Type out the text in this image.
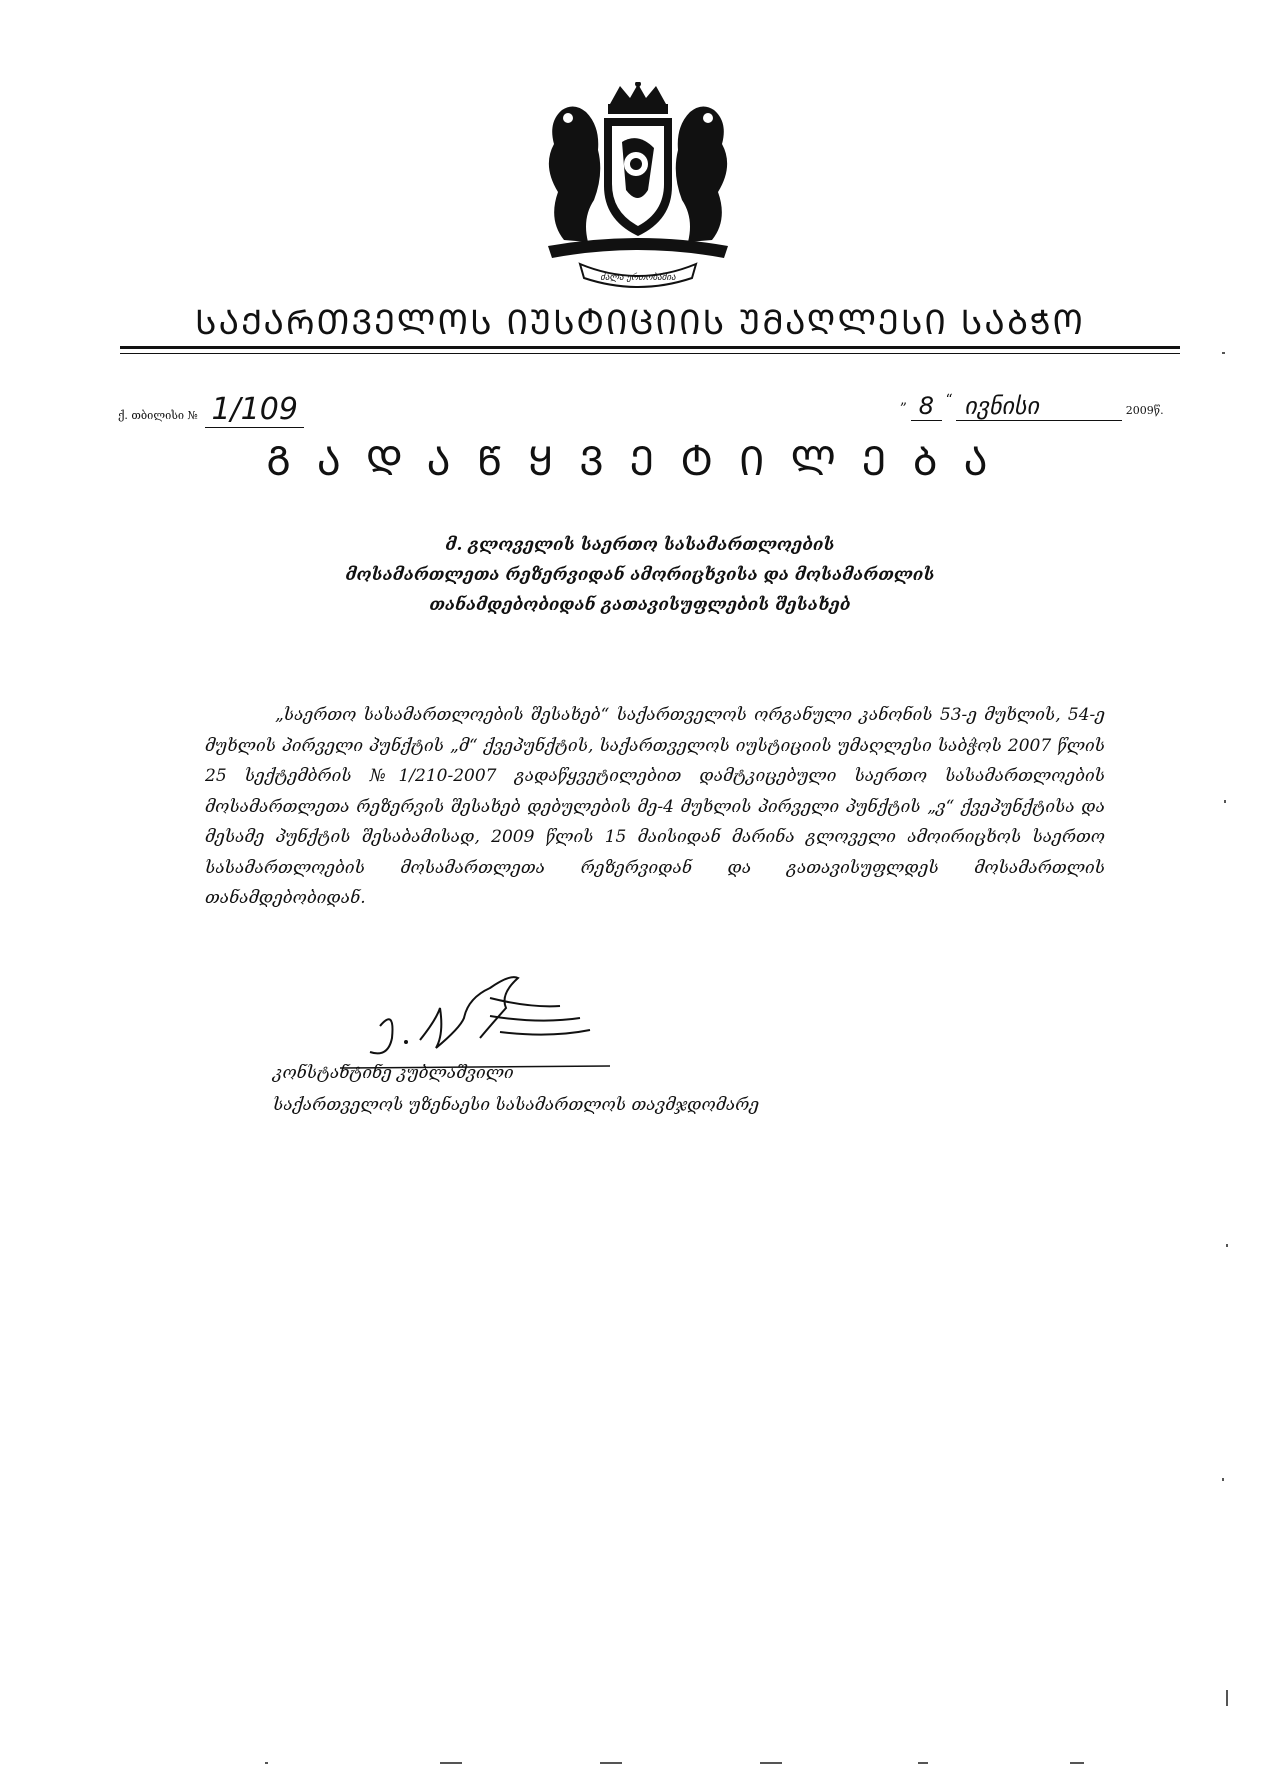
ძალა ერთობაშია
ᲡᲐᲥᲐᲠᲗᲕᲔᲚᲝᲡ ᲘᲣᲡᲢᲘᲪᲘᲘᲡ ᲣᲛᲐᲦᲚᲔᲡᲘ ᲡᲐᲑᲭᲝ
ქ. თბილისი № 1/109	„ 8 “ ივნისი	2009წ.
ᲒᲐᲓᲐᲬᲧᲕᲔᲢᲘᲚᲔᲑᲐ
მ. გლოველის საერთო სასამართლოების
მოსამართლეთა რეზერვიდან ამორიცხვისა და მოსამართლის
თანამდებობიდან გათავისუფლების შესახებ
„საერთო სასამართლოების შესახებ“ საქართველოს ორგანული კანონის 53-ე მუხლის, 54-ე მუხლის პირველი პუნქტის „მ“ ქვეპუნქტის, საქართველოს იუსტიციის უმაღლესი საბჭოს 2007 წლის 25 სექტემბრის №1/210-2007 გადაწყვეტილებით დამტკიცებული საერთო სასამართლოების მოსამართლეთა რეზერვის შესახებ დებულების მე-4 მუხლის პირველი პუნქტის „ვ“ ქვეპუნქტისა და მესამე პუნქტის შესაბამისად, 2009 წლის 15 მაისიდან მარინა გლოველი ამოირიცხოს საერთო სასამართლოების მოსამართლეთა რეზერვიდან და გათავისუფლდეს მოსამართლის თანამდებობიდან.
კონსტანტინე კუბლაშვილი
საქართველოს უზენაესი სასამართლოს თავმჯდომარე
